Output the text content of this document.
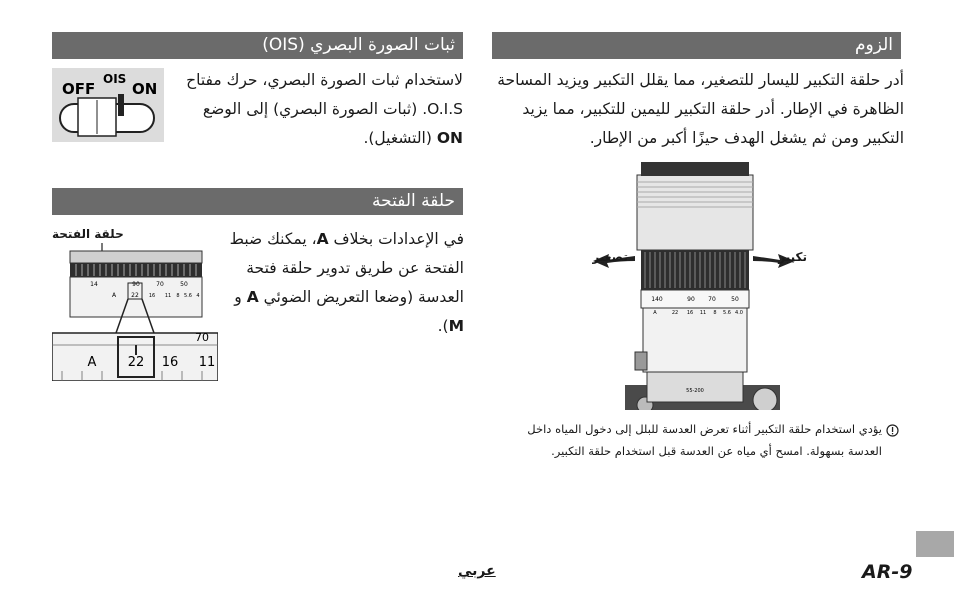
الزوم
أدر حلقة التكبير لليسار للتصغير، مما يقلل التكبير ويزيد المساحة الظاهرة في الإطار. أدر حلقة التكبير لليمين للتكبير، مما يزيد التكبير ومن ثم يشغل الهدف حيزًا أكبر من الإطار.
55-200
140	90 70	50
A	22 16 11 8 5.6 4.0
تكبير
تصغير
يؤدي استخدام حلقة التكبير أثناء تعرض العدسة للبلل إلى دخول المياه داخل العدسة بسهولة. امسح أي مياه عن العدسة قبل استخدام حلقة التكبير.
ثبات الصورة البصري (OIS)
OFF
OIS
ON	لاستخدام ثبات الصورة البصري، حرك مفتاح O.I.S. (ثبات الصورة البصري) إلى الوضع ON (التشغيل).
حلقة الفتحة
في الإعدادات بخلاف A، يمكنك ضبط الفتحة عن طريق تدوير حلقة فتحة العدسة (وضعا التعريض الضوئي A و M).
حلقة الفتحة
14	90	70	50
A	22 16 11 8 5.6 4
70
A 22 16 11
عربي	AR-9
